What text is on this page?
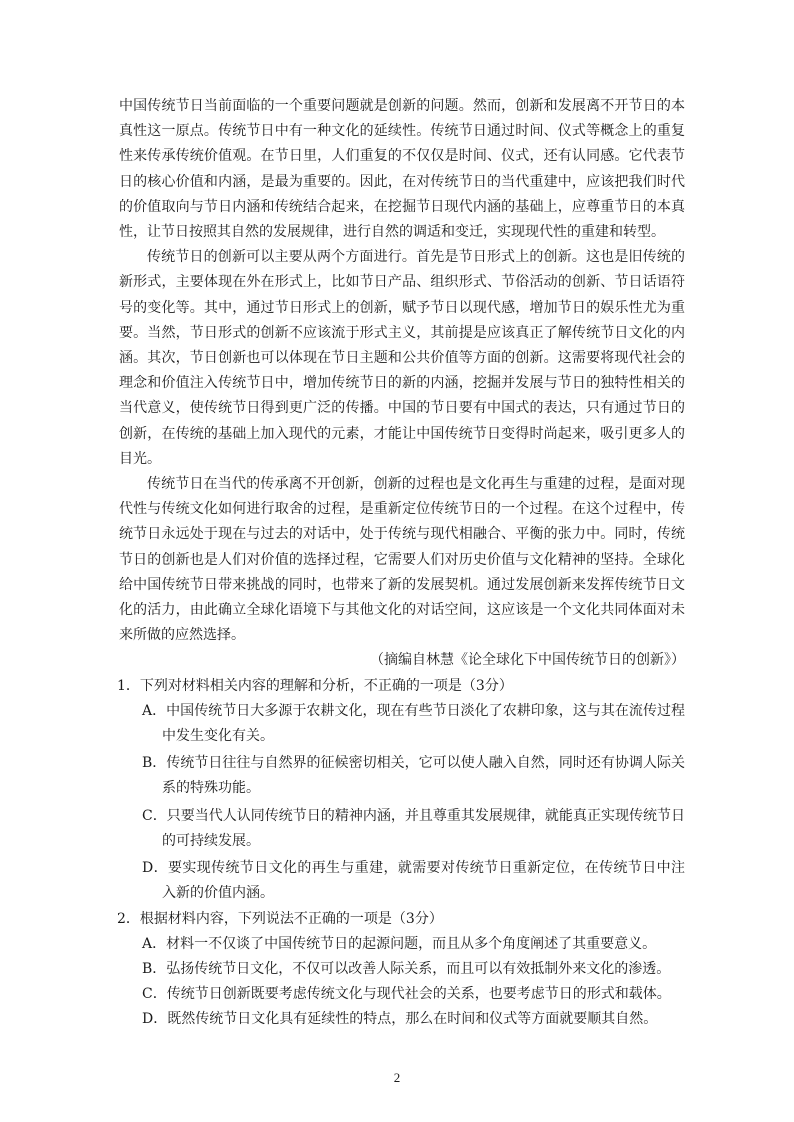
中国传统节日当前面临的一个重要问题就是创新的问题。然而，创新和发展离不开节日的本真性这一原点。传统节日中有一种文化的延续性。传统节日通过时间、仪式等概念上的重复性来传承传统价值观。在节日里，人们重复的不仅仅是时间、仪式，还有认同感。它代表节日的核心价值和内涵，是最为重要的。因此，在对传统节日的当代重建中，应该把我们时代的价值取向与节日内涵和传统结合起来，在挖掘节日现代内涵的基础上，应尊重节日的本真性，让节日按照其自然的发展规律，进行自然的调适和变迁，实现现代性的重建和转型。

传统节日的创新可以主要从两个方面进行。首先是节日形式上的创新。这也是旧传统的新形式，主要体现在外在形式上，比如节日产品、组织形式、节俗活动的创新、节日话语符号的变化等。其中，通过节日形式上的创新，赋予节日以现代感，增加节日的娱乐性尤为重要。当然，节日形式的创新不应该流于形式主义，其前提是应该真正了解传统节日文化的内涵。其次，节日创新也可以体现在节日主题和公共价值等方面的创新。这需要将现代社会的理念和价值注入传统节日中，增加传统节日的新的内涵，挖掘并发展与节日的独特性相关的当代意义，使传统节日得到更广泛的传播。中国的节日要有中国式的表达，只有通过节日的创新，在传统的基础上加入现代的元素，才能让中国传统节日变得时尚起来，吸引更多人的目光。

传统节日在当代的传承离不开创新，创新的过程也是文化再生与重建的过程，是面对现代性与传统文化如何进行取舍的过程，是重新定位传统节日的一个过程。在这个过程中，传统节日永远处于现在与过去的对话中，处于传统与现代相融合、平衡的张力中。同时，传统节日的创新也是人们对价值的选择过程，它需要人们对历史价值与文化精神的坚持。全球化给中国传统节日带来挑战的同时，也带来了新的发展契机。通过发展创新来发挥传统节日文化的活力，由此确立全球化语境下与其他文化的对话空间，这应该是一个文化共同体面对未来所做的应然选择。

（摘编自林慧《论全球化下中国传统节日的创新》）

1．下列对材料相关内容的理解和分析，不正确的一项是（3分）

A．中国传统节日大多源于农耕文化，现在有些节日淡化了农耕印象，这与其在流传过程中发生变化有关。

B．传统节日往往与自然界的征候密切相关，它可以使人融入自然，同时还有协调人际关系的特殊功能。

C．只要当代人认同传统节日的精神内涵，并且尊重其发展规律，就能真正实现传统节日的可持续发展。

D．要实现传统节日文化的再生与重建，就需要对传统节日重新定位，在传统节日中注入新的价值内涵。

2．根据材料内容，下列说法不正确的一项是（3分）

A．材料一不仅谈了中国传统节日的起源问题，而且从多个角度阐述了其重要意义。

B．弘扬传统节日文化，不仅可以改善人际关系，而且可以有效抵制外来文化的渗透。

C．传统节日创新既要考虑传统文化与现代社会的关系，也要考虑节日的形式和载体。

D．既然传统节日文化具有延续性的特点，那么在时间和仪式等方面就要顺其自然。

2
